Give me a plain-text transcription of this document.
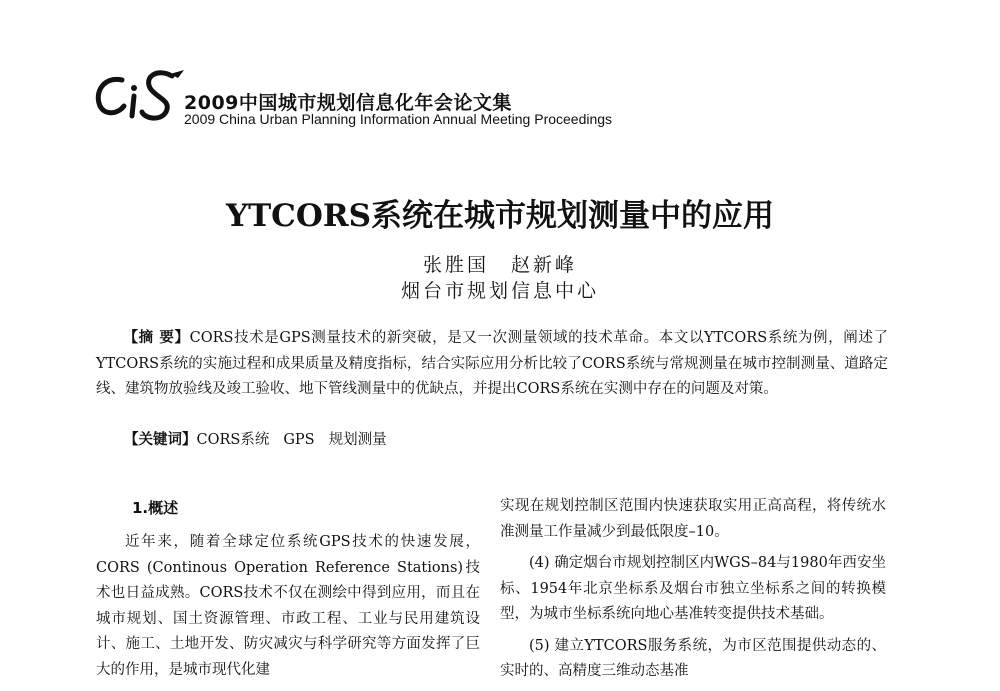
2009中国城市规划信息化年会论文集
2009 China Urban Planning Information Annual Meeting Proceedings
YTCORS系统在城市规划测量中的应用
张胜国　赵新峰
烟台市规划信息中心
【摘 要】CORS技术是GPS测量技术的新突破，是又一次测量领域的技术革命。本文以YTCORS系统为例，阐述了YTCORS系统的实施过程和成果质量及精度指标，结合实际应用分析比较了CORS系统与常规测量在城市控制测量、道路定线、建筑物放验线及竣工验收、地下管线测量中的优缺点，并提出CORS系统在实测中存在的问题及对策。
【关键词】CORS系统 GPS 规划测量
1.概述
近年来，随着全球定位系统GPS技术的快速发展，CORS (Continous Operation Reference Stations)技术也日益成熟。CORS技术不仅在测绘中得到应用，而且在城市规划、国土资源管理、市政工程、工业与民用建筑设计、施工、土地开发、防灾减灾与科学研究等方面发挥了巨大的作用，是城市现代化建

实现在规划控制区范围内快速获取实用正高高程，将传统水准测量工作量减少到最低限度–10。

(4) 确定烟台市规划控制区内WGS–84与1980年西安坐标、1954年北京坐标系及烟台市独立坐标系之间的转换模型，为城市坐标系统向地心基准转变提供技术基础。

(5) 建立YTCORS服务系统，为市区范围提供动态的、实时的、高精度三维动态基准
